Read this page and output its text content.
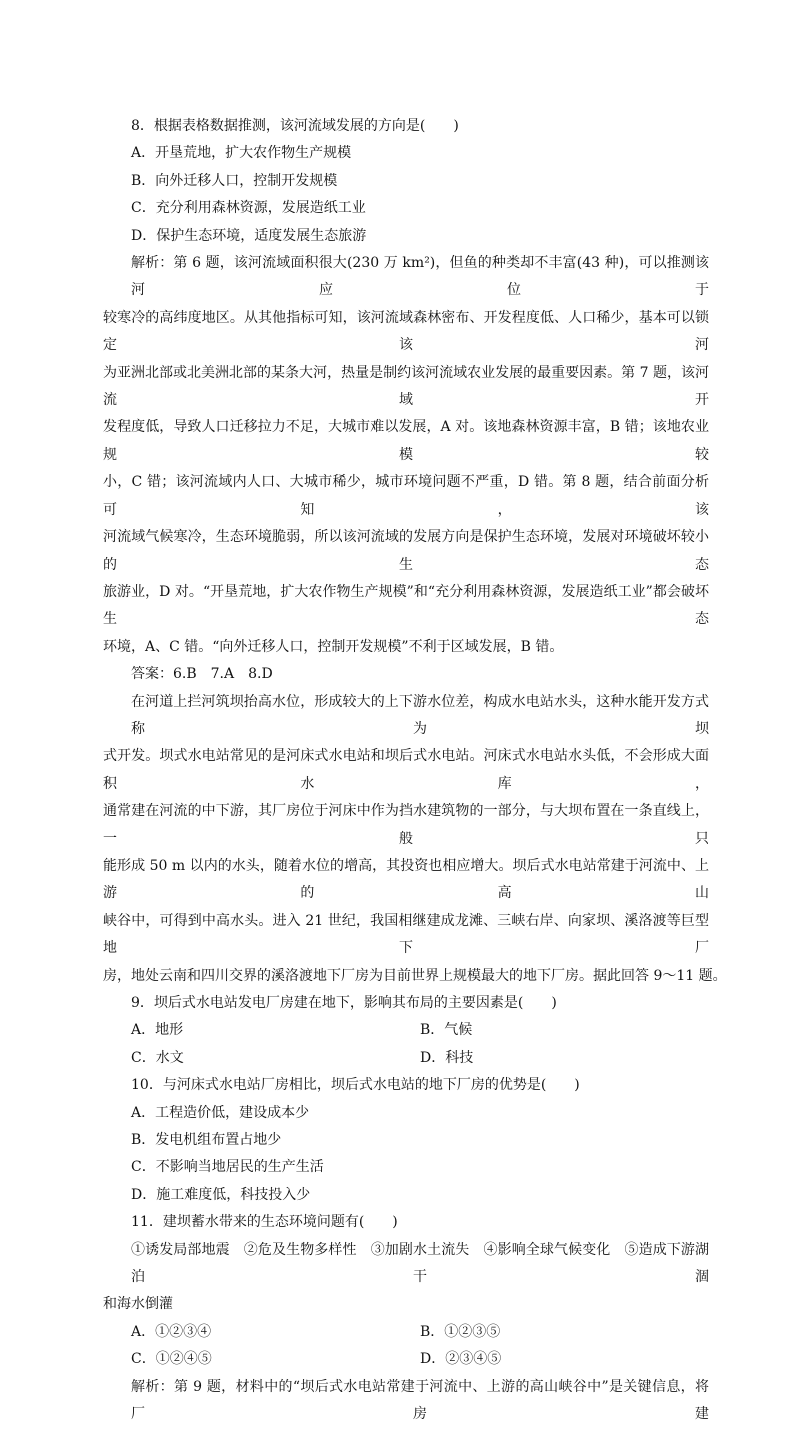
8．根据表格数据推测，该河流域发展的方向是(　　)
A．开垦荒地，扩大农作物生产规模
B．向外迁移人口，控制开发规模
C．充分利用森林资源，发展造纸工业
D．保护生态环境，适度发展生态旅游
解析：第 6 题，该河流域面积很大(230 万 km²)，但鱼的种类却不丰富(43 种)，可以推测该河应位于
较寒冷的高纬度地区。从其他指标可知，该河流域森林密布、开发程度低、人口稀少，基本可以锁定该河
为亚洲北部或北美洲北部的某条大河，热量是制约该河流域农业发展的最重要因素。第 7 题，该河流域开
发程度低，导致人口迁移拉力不足，大城市难以发展，A 对。该地森林资源丰富，B 错；该地农业规模较
小，C 错；该河流域内人口、大城市稀少，城市环境问题不严重，D 错。第 8 题，结合前面分析可知，该
河流域气候寒冷，生态环境脆弱，所以该河流域的发展方向是保护生态环境，发展对环境破坏较小的生态
旅游业，D 对。“开垦荒地，扩大农作物生产规模”和“充分利用森林资源，发展造纸工业”都会破坏生态
环境，A、C 错。“向外迁移人口，控制开发规模”不利于区域发展，B 错。
答案：6.B　7.A　8.D
在河道上拦河筑坝抬高水位，形成较大的上下游水位差，构成水电站水头，这种水能开发方式称为坝
式开发。坝式水电站常见的是河床式水电站和坝后式水电站。河床式水电站水头低，不会形成大面积水库，
通常建在河流的中下游，其厂房位于河床中作为挡水建筑物的一部分，与大坝布置在一条直线上，一般只
能形成 50 m 以内的水头，随着水位的增高，其投资也相应增大。坝后式水电站常建于河流中、上游的高山
峡谷中，可得到中高水头。进入 21 世纪，我国相继建成龙滩、三峡右岸、向家坝、溪洛渡等巨型地下厂
房，地处云南和四川交界的溪洛渡地下厂房为目前世界上规模最大的地下厂房。据此回答 9～11 题。
9．坝后式水电站发电厂房建在地下，影响其布局的主要因素是(　　)
A．地形	B．气候
C．水文	D．科技
10．与河床式水电站厂房相比，坝后式水电站的地下厂房的优势是(　　)
A．工程造价低，建设成本少
B．发电机组布置占地少
C．不影响当地居民的生产生活
D．施工难度低，科技投入少
11．建坝蓄水带来的生态环境问题有(　　)
①诱发局部地震　②危及生物多样性　③加剧水土流失　④影响全球气候变化　⑤造成下游湖泊干涸
和海水倒灌
A．①②③④	B．①②③⑤
C．①②④⑤	D．②③④⑤
解析：第 9 题，材料中的“坝后式水电站常建于河流中、上游的高山峡谷中”是关键信息，将厂房建
